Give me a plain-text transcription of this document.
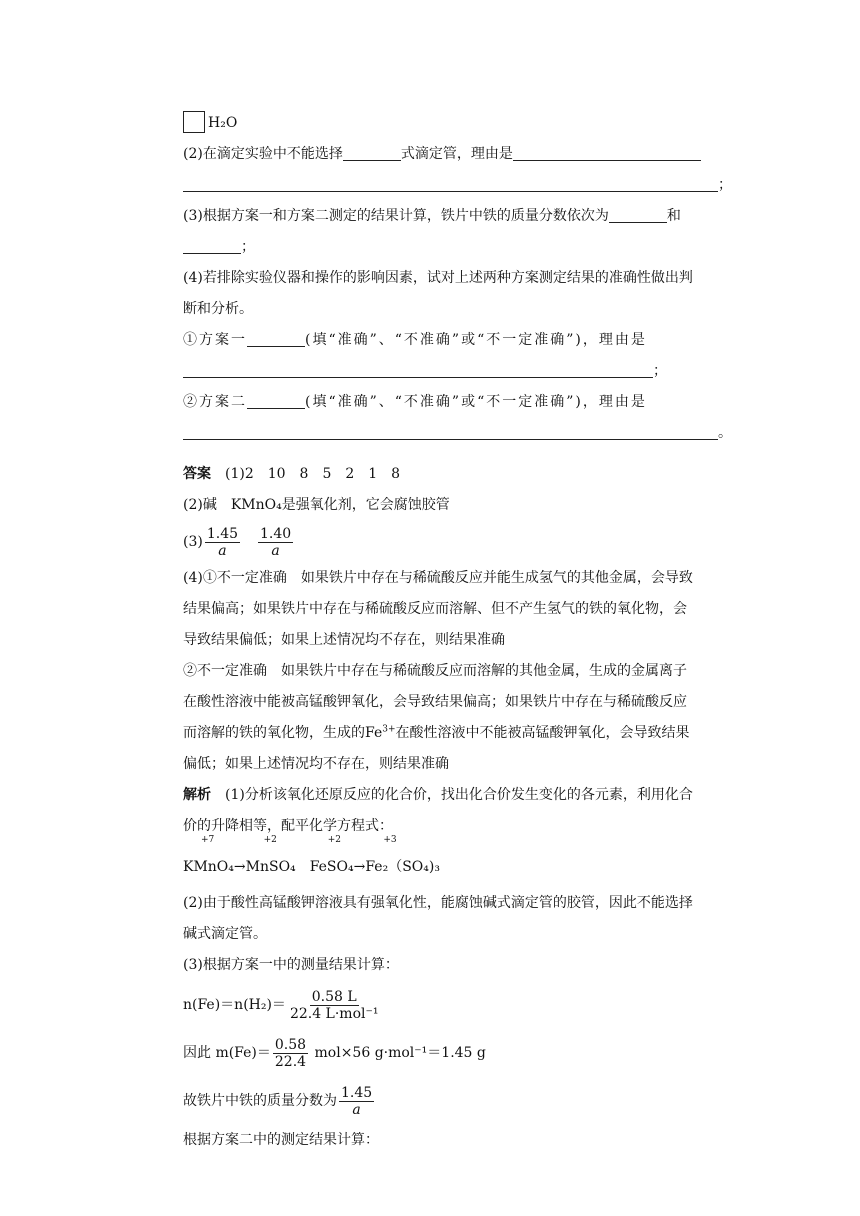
H₂O
(2)在滴定实验中不能选择	式滴定管，理由是
；
(3)根据方案一和方案二测定的结果计算，铁片中铁的质量分数依次为	和
；
(4)若排除实验仪器和操作的影响因素，试对上述两种方案测定结果的准确性做出判
断和分析。
①方案一	(填“准确”、“不准确”或“不一定准确”)，理由是
；
②方案二	(填“准确”、“不准确”或“不一定准确”)，理由是
。
答案　 (1)2　10　8　5　2　1　8
(2)碱　KMnO₄是强氧化剂，它会腐蚀胶管
$(3) \frac{1.45}{a}$
　 $\frac{1.40}{a}$
(4)①不一定准确　如果铁片中存在与稀硫酸反应并能生成氢气的其他金属，会导致
结果偏高；如果铁片中存在与稀硫酸反应而溶解、但不产生氢气的铁的氧化物，会
导致结果偏低；如果上述情况均不存在，则结果准确
②不一定准确　如果铁片中存在与稀硫酸反应而溶解的其他金属，生成的金属离子
在酸性溶液中能被高锰酸钾氧化，会导致结果偏高；如果铁片中存在与稀硫酸反应
而溶解的铁的氧化物，生成的$Fe^{3+}$在酸性溶液中不能被高锰酸钾氧化，会导致结果
偏低；如果上述情况均不存在，则结果准确
解析　 (1)分析该氧化还原反应的化合价，找出化合价发生变化的各元素，利用化合
价的升降相等，配平化学方程式：
+7
KMnO₄→
+2
MnSO₄　
+2
FeSO₄→
+3
Fe₂（SO₄)₃
(2)由于酸性高锰酸钾溶液具有强氧化性，能腐蚀碱式滴定管的胶管，因此不能选择
碱式滴定管。
(3)根据方案一中的测量结果计算：
$n(Fe)=n(H_2)= \frac{0.58 L}{\text{22.4 L·mol⁻¹}}$
因此 $m(Fe)= \frac{0.58}{22.4} mol\times 56$ g·mol⁻¹＝1.45 g
故铁片中铁的质量分数为 $\frac{1.45}{a}$
根据方案二中的测定结果计算：
